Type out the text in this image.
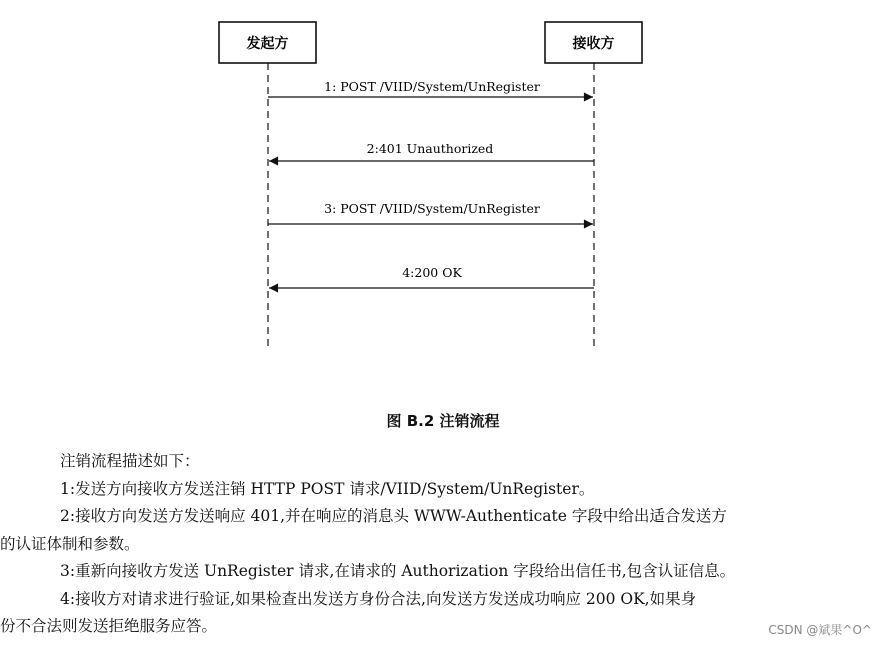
发起方	接收方
1: POST /VIID/System/UnRegister
2:401 Unauthorized
3: POST /VIID/System/UnRegister
4:200 OK
图 B.2 注销流程

注销流程描述如下：

1:发送方向接收方发送注销 HTTP POST 请求/VIID/System/UnRegister。

2:接收方向发送方发送响应 401,并在响应的消息头 WWW-Authenticate 字段中给出适合发送方

的认证体制和参数。

3:重新向接收方发送 UnRegister 请求,在请求的 Authorization 字段给出信任书,包含认证信息。

4:接收方对请求进行验证,如果检查出发送方身份合法,向发送方发送成功响应 200 OK,如果身

份不合法则发送拒绝服务应答。	CSDN @斌果^O^
